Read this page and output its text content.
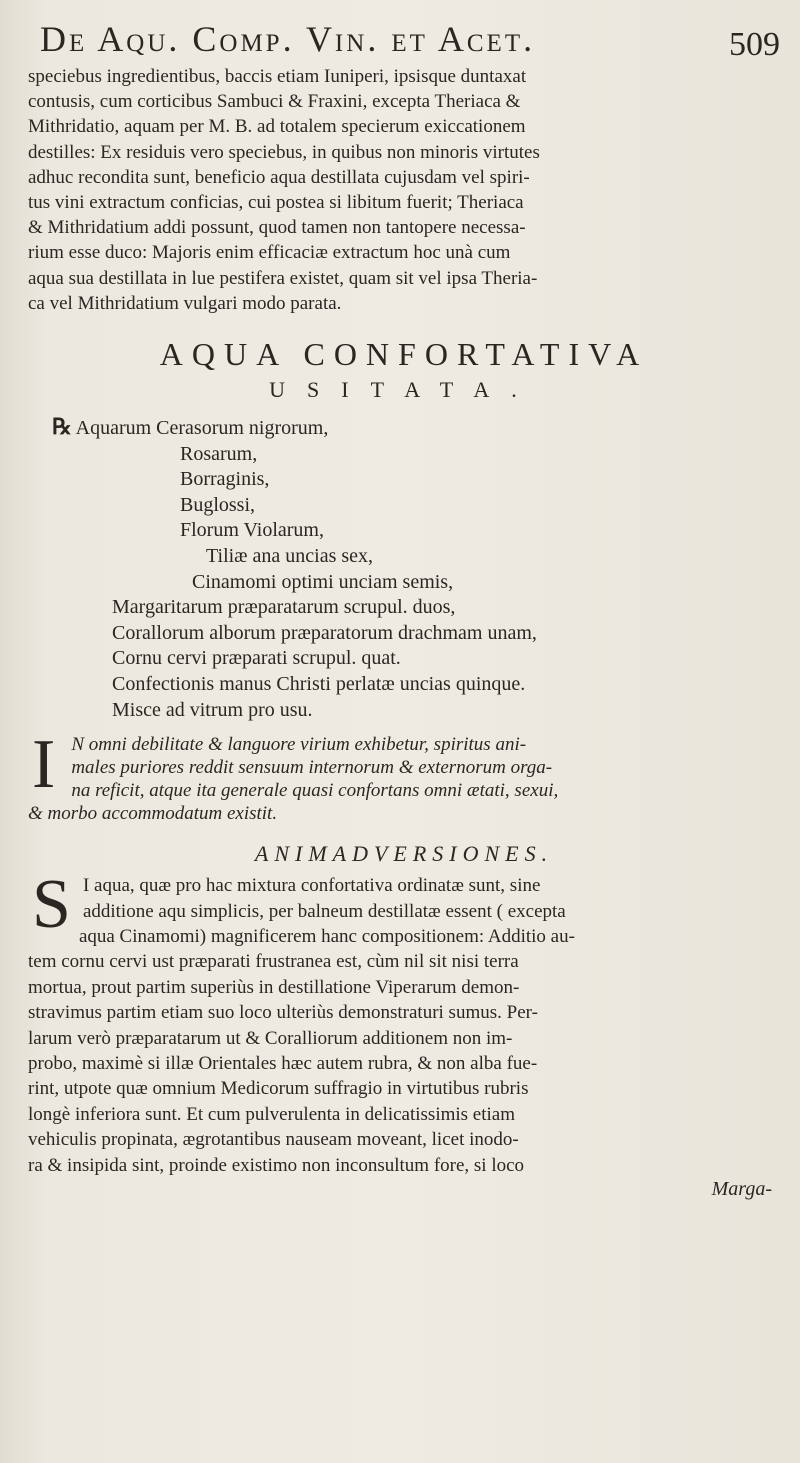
De Aqu. Comp. Vin. et Acet.	509
speciebus ingredientibus, baccis etiam Iuniperi, ipsisque duntaxat
contusis, cum corticibus Sambuci & Fraxini, excepta Theriaca &
Mithridatio, aquam per M. B. ad totalem specierum exiccationem
destilles: Ex residuis vero speciebus, in quibus non minoris virtutes
adhuc recondita sunt, beneficio aqua destillata cujusdam vel spiri-
tus vini extractum conficias, cui postea si libitum fuerit; Theriaca
& Mithridatium addi possunt, quod tamen non tantopere necessa-
rium esse duco: Majoris enim efficaciæ extractum hoc unà cum
aqua sua destillata in lue pestifera existet, quam sit vel ipsa Theria-
ca vel Mithridatium vulgari modo parata.
AQUA CONFORTATIVA
USITATA.
℞ Aquarum Cerasorum nigrorum,
Rosarum,
Borraginis,
Buglossi,
Florum Violarum,
Tiliæ ana uncias sex,
Cinamomi optimi unciam semis,
Margaritarum præparatarum scrupul. duos,
Corallorum alborum præparatorum drachmam unam,
Cornu cervi præparati scrupul. quat.
Confectionis manus Christi perlatæ uncias quinque.
Misce ad vitrum pro usu.
I N omni debilitate & languore virium exhibetur, spiritus ani-
males puriores reddit sensuum internorum & externorum orga-
na reficit, atque ita generale quasi confortans omni ætati, sexui,
& morbo accommodatum existit.
ANIMADVERSIONES.
S I aqua, quæ pro hac mixtura confortativa ordinatæ sunt, sine
additione aqu simplicis, per balneum destillatæ essent ( excepta
aqua Cinamomi) magnificerem hanc compositionem: Additio au-
tem cornu cervi ust præparati frustranea est, cùm nil sit nisi terra
mortua, prout partim superiùs in destillatione Viperarum demon-
stravimus partim etiam suo loco ulteriùs demonstraturi sumus. Per-
larum verò præparatarum ut & Coralliorum additionem non im-
probo, maximè si illæ Orientales hæc autem rubra, & non alba fue-
rint, utpote quæ omnium Medicorum suffragio in virtutibus rubris
longè inferiora sunt. Et cum pulverulenta in delicatissimis etiam
vehiculis propinata, ægrotantibus nauseam moveant, licet inodo-
ra & insipida sint, proinde existimo non inconsultum fore, si loco
Marga-
